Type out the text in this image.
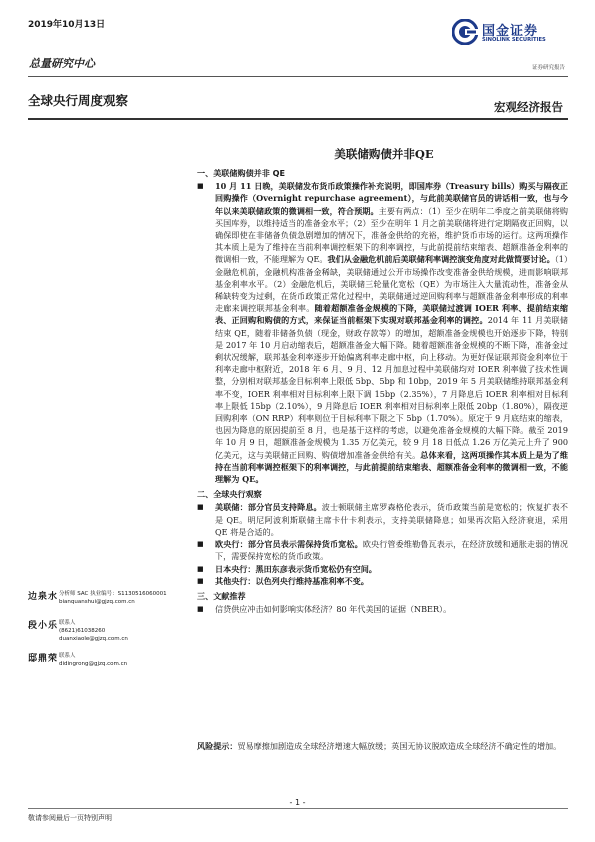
2019年10月13日
总量研究中心
全球央行周度观察	宏观经济报告
国金证券
SINOLINK SECURITIES
证券研究报告
美联储购债并非QE
一、美联储购债并非 QE
■ 10 月 11 日晚，美联储发布货币政策操作补充说明，即国库券（Treasury bills）购买与隔夜正回购操作（Overnight repurchase agreement），与此前美联储官员的讲话相一致，也与今年以来美联储政策的微调相一致，符合预期。主要有两点：（1）至少在明年二季度之前美联储将购买国库券，以维持适当的准备金水平；（2）至少在明年 1 月之前美联储将进行定期隔夜正回购，以确保即使在非储备负债急剧增加的情况下，准备金供给的充裕，维护货币市场的运行。这两项操作其本质上是为了维持在当前利率调控框架下的利率调控，与此前提前结束缩表、超额准备金利率的微调相一致，不能理解为 QE。我们从金融危机前后美联储利率调控演变角度对此做简要讨论。（1）金融危机前，金融机构准备金稀缺，美联储通过公开市场操作改变准备金供给规模，进而影响联邦基金利率水平。（2）金融危机后，美联储三轮量化宽松（QE）为市场注入大量流动性，准备金从稀缺转变为过剩，在货币政策正常化过程中，美联储通过逆回购利率与超额准备金利率形成的利率走廊来调控联邦基金利率。随着超额准备金规模的下降，美联储过渡调 IOER 利率、提前结束缩表、正回购和购债的方式，来保证当前框架下实现对联邦基金利率的调控。2014 年 11 月美联储结束 QE，随着非储备负债（现金，财政存款等）的增加，超额准备金规模也开始逐步下降，特别是 2017 年 10 月启动缩表后，超额准备金大幅下降。随着超额准备金规模的不断下降，准备金过剩状况缓解，联邦基金利率逐步开始偏离利率走廊中枢，向上移动。为更好保证联邦资金利率位于利率走廊中枢附近，2018 年 6 月、9 月、12 月加息过程中美联储均对 IOER 利率做了技术性调整，分别相对联邦基金目标利率上限低 5bp、5bp 和 10bp，2019 年 5 月美联储维持联邦基金利率不变，IOER 利率相对目标利率上限下调 15bp（2.35%），7 月降息后 IOER 利率相对目标利率上限低 15bp（2.10%），9 月降息后 IOER 利率相对目标利率上限低 20bp（1.80%），隔夜逆回购利率（ON RRP）利率则位于目标利率下限之下 5bp（1.70%）。原定于 9 月底结束的缩表，也因为降息的原因提前至 8 月，也是基于这样的考虑，以避免准备金规模的大幅下降。截至 2019 年 10 月 9 日，超额准备金规模为 1.35 万亿美元，较 9 月 18 日低点 1.26 万亿美元上升了 900 亿美元，这与美联储正回购、购债增加准备金供给有关。总体来看，这两项操作其本质上是为了维持在当前利率调控框架下的利率调控，与此前提前结束缩表、超额准备金利率的微调相一致，不能理解为 QE。
二、全球央行观察
■ 美联储：部分官员支持降息。波士顿联储主席罗森格伦表示，货币政策当前是宽松的；恢复扩表不是 QE。明尼阿波利斯联储主席卡什卡利表示，支持美联储降息；如果再次陷入经济衰退，采用 QE 将是合适的。
■ 欧央行：部分官员表示需保持货币宽松。欧央行管委维勒鲁瓦表示，在经济放缓和通胀走弱的情况下，需要保持宽松的货币政策。
■ 日本央行：黑田东彦表示货币宽松仍有空间。
■ 其他央行：以色列央行维持基准利率不变。
三、文献推荐
■ 信贷供应冲击如何影响实体经济？80 年代美国的证据（NBER）。
风险提示：贸易摩擦加剧造成全球经济增速大幅放缓；英国无协议脱欧造成全球经济不确定性的增加。
边泉水 分析师 SAC 执业编号：S1130516060001
bianquanshui@gjzq.com.cn
段小乐 联系人
(8621)61038260
duanxiaole@gjzq.com.cn
邸鼎荣 联系人
didingrong@gjzq.com.cn
- 1 -
敬请参阅最后一页特别声明
